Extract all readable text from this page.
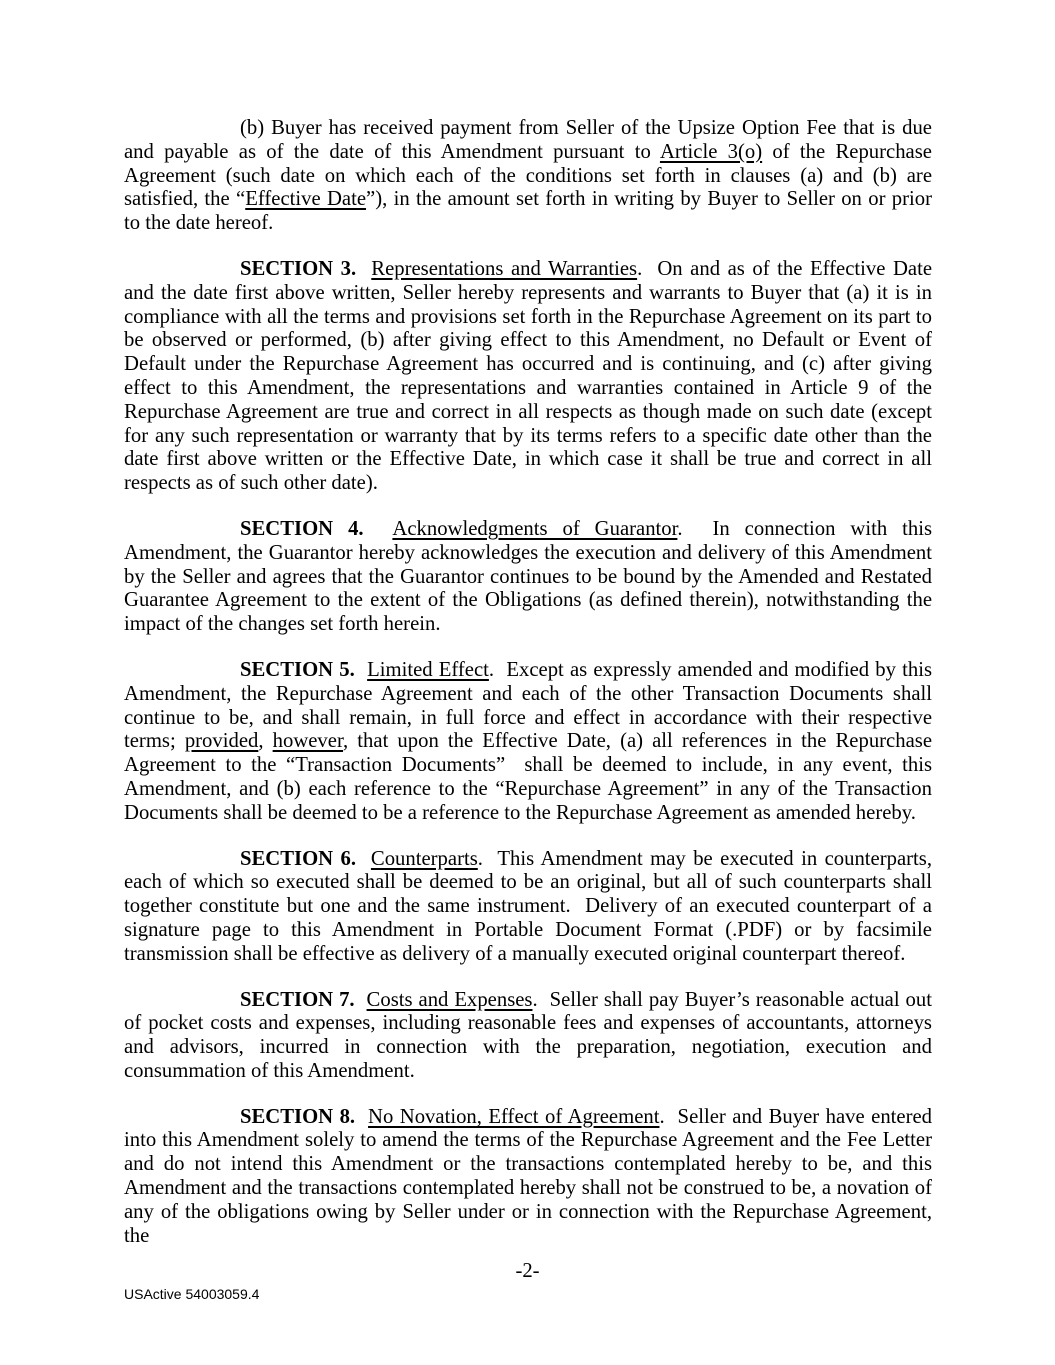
(b) Buyer has received payment from Seller of the Upsize Option Fee that is due and payable as of the date of this Amendment pursuant to Article 3(o) of the Repurchase Agreement (such date on which each of the conditions set forth in clauses (a) and (b) are satisfied, the “Effective Date”), in the amount set forth in writing by Buyer to Seller on or prior to the date hereof.

SECTION 3. Representations and Warranties.  On and as of the Effective Date and the date first above written, Seller hereby represents and warrants to Buyer that (a) it is in compliance with all the terms and provisions set forth in the Repurchase Agreement on its part to be observed or performed, (b) after giving effect to this Amendment, no Default or Event of Default under the Repurchase Agreement has occurred and is continuing, and (c) after giving effect to this Amendment, the representations and warranties contained in Article 9 of the Repurchase Agreement are true and correct in all respects as though made on such date (except for any such representation or warranty that by its terms refers to a specific date other than the date first above written or the Effective Date, in which case it shall be true and correct in all respects as of such other date).

SECTION 4. Acknowledgments of Guarantor.  In connection with this Amendment, the Guarantor hereby acknowledges the execution and delivery of this Amendment by the Seller and agrees that the Guarantor continues to be bound by the Amended and Restated Guarantee Agreement to the extent of the Obligations (as defined therein), notwithstanding the impact of the changes set forth herein.

SECTION 5. Limited Effect.  Except as expressly amended and modified by this Amendment, the Repurchase Agreement and each of the other Transaction Documents shall continue to be, and shall remain, in full force and effect in accordance with their respective terms; provided, however, that upon the Effective Date, (a) all references in the Repurchase Agreement to the “Transaction Documents”  shall be deemed to include, in any event, this Amendment, and (b) each reference to the “Repurchase Agreement” in any of the Transaction Documents shall be deemed to be a reference to the Repurchase Agreement as amended hereby.

SECTION 6. Counterparts.  This Amendment may be executed in counterparts, each of which so executed shall be deemed to be an original, but all of such counterparts shall together constitute but one and the same instrument.  Delivery of an executed counterpart of a signature page to this Amendment in Portable Document Format (.PDF) or by facsimile transmission shall be effective as delivery of a manually executed original counterpart thereof.

SECTION 7. Costs and Expenses.  Seller shall pay Buyer’s reasonable actual out of pocket costs and expenses, including reasonable fees and expenses of accountants, attorneys and advisors, incurred in connection with the preparation, negotiation, execution and consummation of this Amendment.

SECTION 8. No Novation, Effect of Agreement.  Seller and Buyer have entered into this Amendment solely to amend the terms of the Repurchase Agreement and the Fee Letter and do not intend this Amendment or the transactions contemplated hereby to be, and this Amendment and the transactions contemplated hereby shall not be construed to be, a novation of any of the obligations owing by Seller under or in connection with the Repurchase Agreement, the

-2-
USActive 54003059.4
